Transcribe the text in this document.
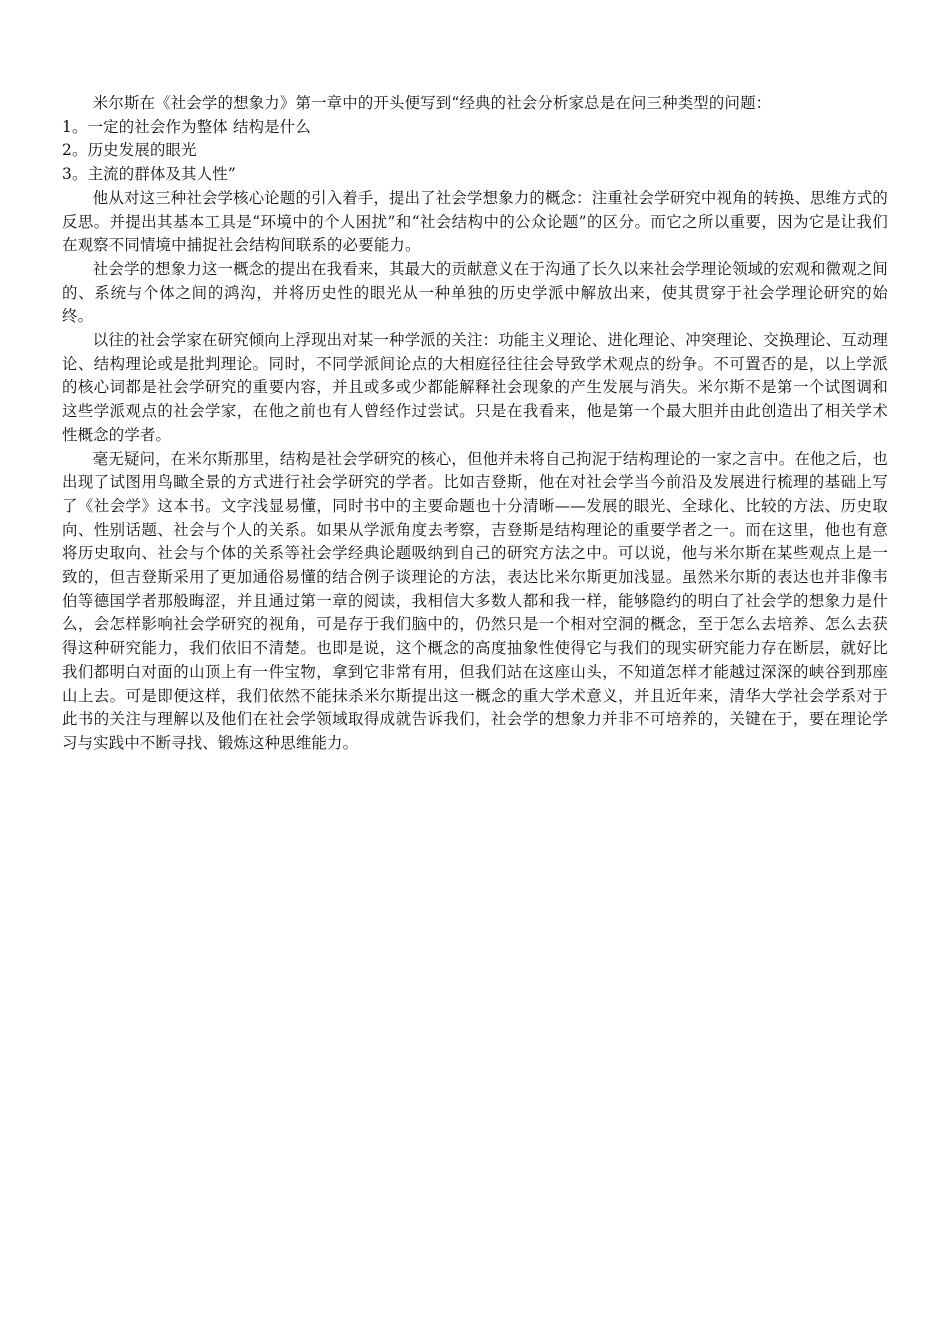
米尔斯在《社会学的想象力》第一章中的开头便写到“经典的社会分析家总是在问三种类型的问题：

1。一定的社会作为整体 结构是什么

2。历史发展的眼光

3。主流的群体及其人性”

他从对这三种社会学核心论题的引入着手，提出了社会学想象力的概念：注重社会学研究中视角的转换、思维方式的反思。并提出其基本工具是“环境中的个人困扰”和“社会结构中的公众论题”的区分。而它之所以重要，因为它是让我们在观察不同情境中捕捉社会结构间联系的必要能力。

社会学的想象力这一概念的提出在我看来，其最大的贡献意义在于沟通了长久以来社会学理论领域的宏观和微观之间的、系统与个体之间的鸿沟，并将历史性的眼光从一种单独的历史学派中解放出来，使其贯穿于社会学理论研究的始终。

以往的社会学家在研究倾向上浮现出对某一种学派的关注：功能主义理论、进化理论、冲突理论、交换理论、互动理论、结构理论或是批判理论。同时，不同学派间论点的大相庭径往往会导致学术观点的纷争。不可置否的是，以上学派的核心词都是社会学研究的重要内容，并且或多或少都能解释社会现象的产生发展与消失。米尔斯不是第一个试图调和这些学派观点的社会学家，在他之前也有人曾经作过尝试。只是在我看来，他是第一个最大胆并由此创造出了相关学术性概念的学者。

毫无疑问，在米尔斯那里，结构是社会学研究的核心，但他并未将自己拘泥于结构理论的一家之言中。在他之后，也出现了试图用鸟瞰全景的方式进行社会学研究的学者。比如吉登斯，他在对社会学当今前沿及发展进行梳理的基础上写了《社会学》这本书。文字浅显易懂，同时书中的主要命题也十分清晰——发展的眼光、全球化、比较的方法、历史取向、性别话题、社会与个人的关系。如果从学派角度去考察，吉登斯是结构理论的重要学者之一。而在这里，他也有意将历史取向、社会与个体的关系等社会学经典论题吸纳到自己的研究方法之中。可以说，他与米尔斯在某些观点上是一致的，但吉登斯采用了更加通俗易懂的结合例子谈理论的方法，表达比米尔斯更加浅显。虽然米尔斯的表达也并非像韦伯等德国学者那般晦涩，并且通过第一章的阅读，我相信大多数人都和我一样，能够隐约的明白了社会学的想象力是什么，会怎样影响社会学研究的视角，可是存于我们脑中的，仍然只是一个相对空洞的概念，至于怎么去培养、怎么去获得这种研究能力，我们依旧不清楚。也即是说，这个概念的高度抽象性使得它与我们的现实研究能力存在断层，就好比我们都明白对面的山顶上有一件宝物，拿到它非常有用，但我们站在这座山头，不知道怎样才能越过深深的峡谷到那座山上去。可是即便这样，我们依然不能抹杀米尔斯提出这一概念的重大学术意义，并且近年来，清华大学社会学系对于此书的关注与理解以及他们在社会学领域取得成就告诉我们，社会学的想象力并非不可培养的，关键在于，要在理论学习与实践中不断寻找、锻炼这种思维能力。
